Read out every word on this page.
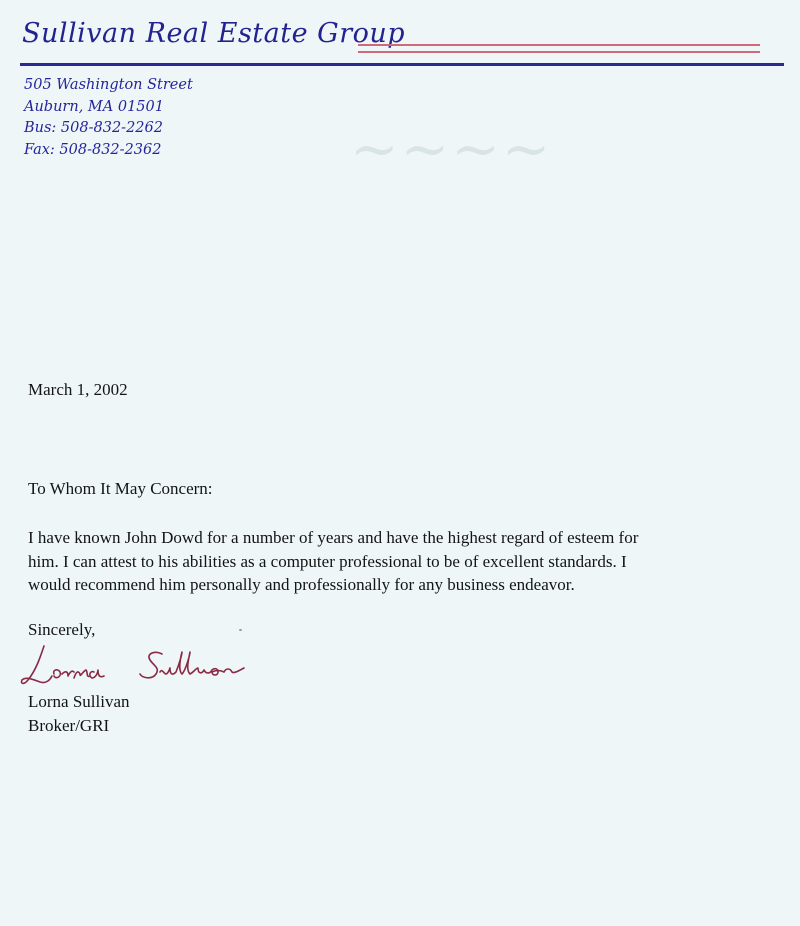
~~~~
Sullivan Real Estate Group
505 Washington Street
Auburn, MA 01501
Bus: 508-832-2262
Fax: 508-832-2362
March 1, 2002
To Whom It May Concern:
I have known John Dowd for a number of years and have the highest regard of esteem for
him. I can attest to his abilities as a computer professional to be of excellent standards. I
would recommend him personally and professionally for any business endeavor.
Sincerely,
Lorna Sullivan
Broker/GRI
